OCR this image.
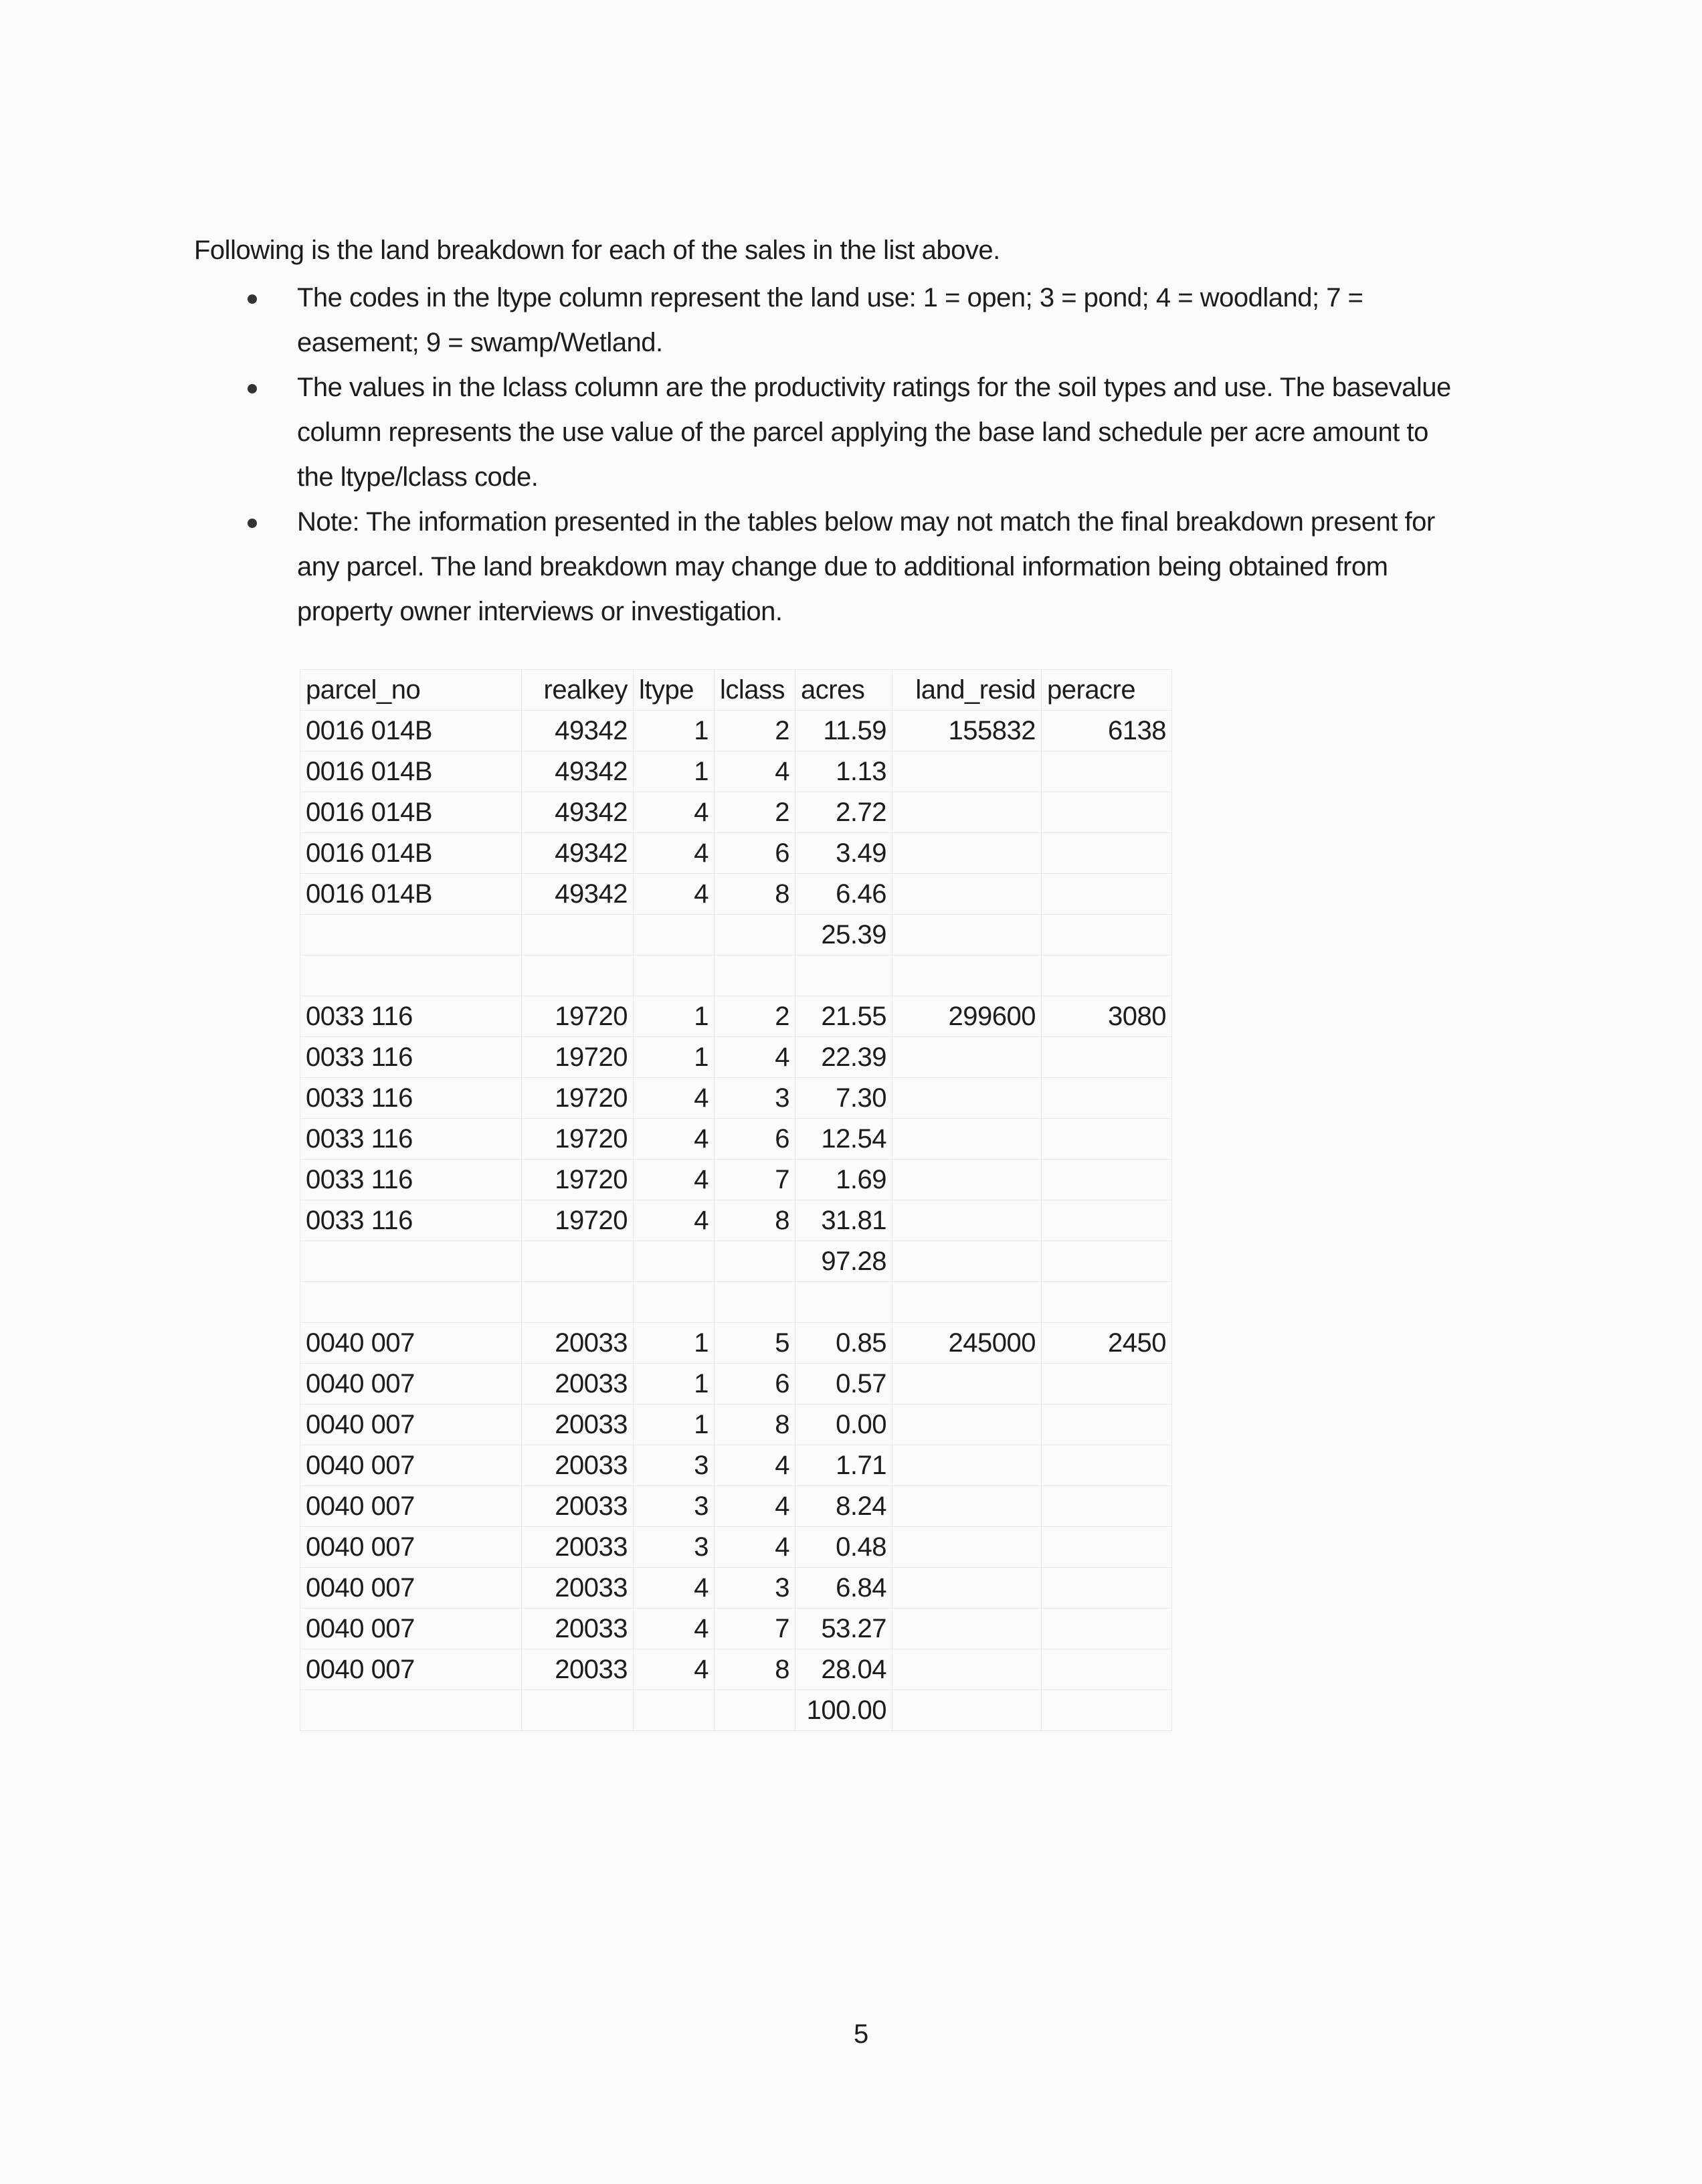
Following is the land breakdown for each of the sales in the list above.

The codes in the ltype column represent the land use: 1 = open; 3 = pond; 4 = woodland; 7 = easement; 9 = swamp/Wetland.
The values in the lclass column are the productivity ratings for the soil types and use. The basevalue column represents the use value of the parcel applying the base land schedule per acre amount to the ltype/lclass code.
Note: The information presented in the tables below may not match the final breakdown present for any parcel. The land breakdown may change due to additional information being obtained from property owner interviews or investigation.
parcel_no	realkey	ltype	lclass	acres	land_resid	peracre
0016 014B	49342	1	2	11.59	155832	6138
0016 014B	49342	1	4	1.13		
0016 014B	49342	4	2	2.72		
0016 014B	49342	4	6	3.49		
0016 014B	49342	4	8	6.46		
				25.39		

0033 116	19720	1	2	21.55	299600	3080
0033 116	19720	1	4	22.39		
0033 116	19720	4	3	7.30		
0033 116	19720	4	6	12.54		
0033 116	19720	4	7	1.69		
0033 116	19720	4	8	31.81		
				97.28		

0040 007	20033	1	5	0.85	245000	2450
0040 007	20033	1	6	0.57		
0040 007	20033	1	8	0.00		
0040 007	20033	3	4	1.71		
0040 007	20033	3	4	8.24		
0040 007	20033	3	4	0.48		
0040 007	20033	4	3	6.84		
0040 007	20033	4	7	53.27		
0040 007	20033	4	8	28.04		
				100.00		
5
